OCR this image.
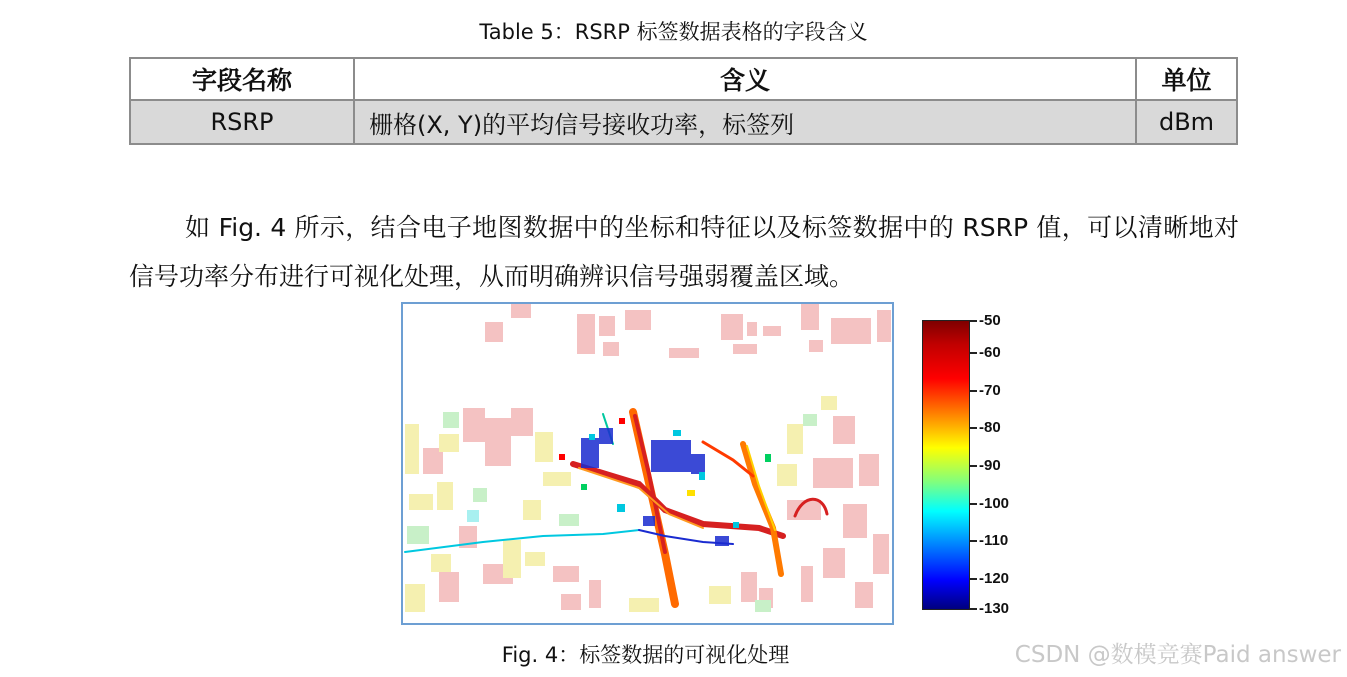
Table 5：RSRP 标签数据表格的字段含义
字段名称	含义	单位
RSRP	栅格(X, Y)的平均信号接收功率，标签列	dBm
如 Fig. 4 所示，结合电子地图数据中的坐标和特征以及标签数据中的 RSRP 值，可以清晰地对信号功率分布进行可视化处理，从而明确辨识信号强弱覆盖区域。
-50
-60
-70
-80
-90
-100
-110
-120
-130
Fig. 4：标签数据的可视化处理	CSDN @数模竞赛Paid answer
